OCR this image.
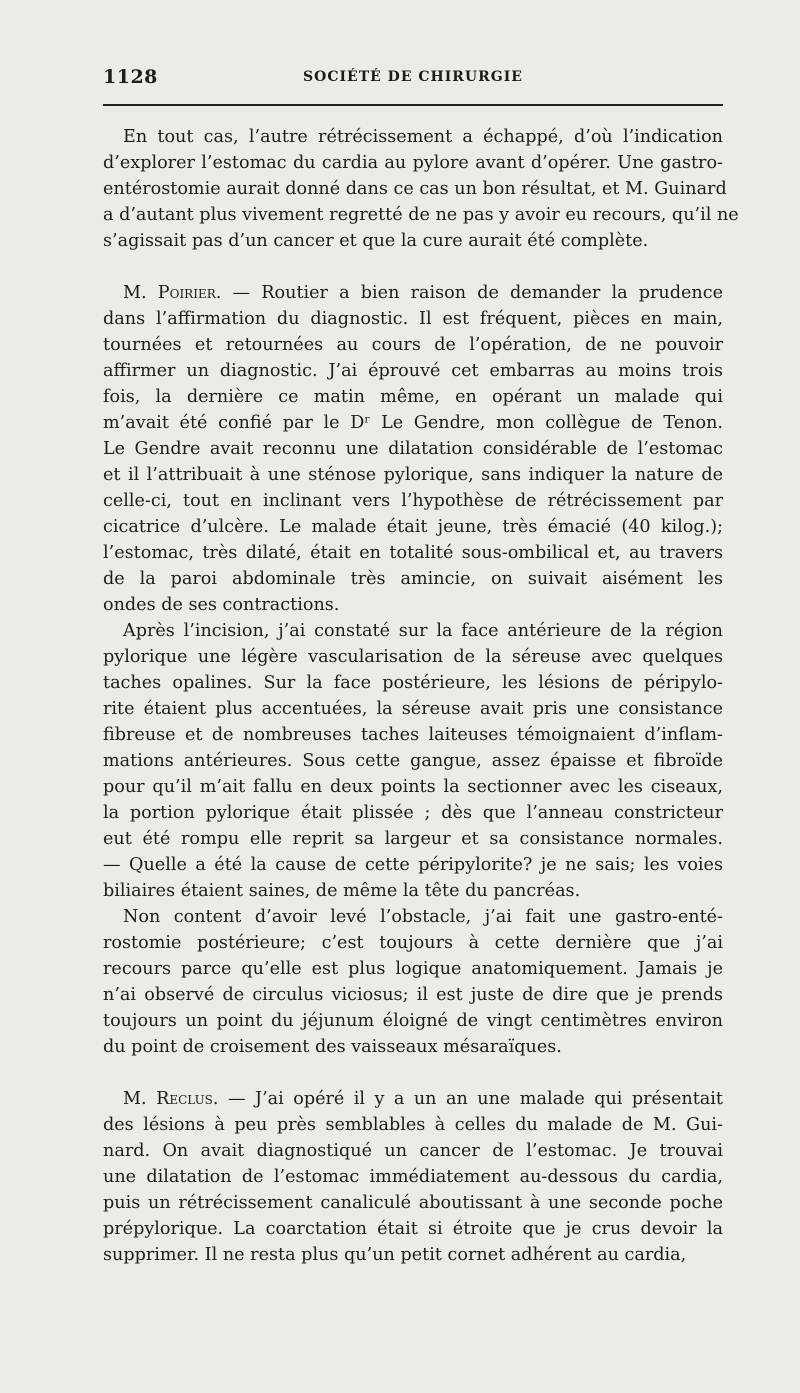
1128	SOCIÉTÉ DE CHIRURGIE
En tout cas, l’autre rétrécissement a échappé, d’où l’indication
d’explorer l’estomac du cardia au pylore avant d’opérer. Une gastro-
entérostomie aurait donné dans ce cas un bon résultat, et M. Guinard
a d’autant plus vivement regretté de ne pas y avoir eu recours, qu’il ne
s’agissait pas d’un cancer et que la cure aurait été complète.
M. Poirier. — Routier a bien raison de demander la prudence
dans l’affirmation du diagnostic. Il est fréquent, pièces en main,
tournées et retournées au cours de l’opération, de ne pouvoir
affirmer un diagnostic. J’ai éprouvé cet embarras au moins trois
fois, la dernière ce matin même, en opérant un malade qui
m’avait été confié par le Dʳ Le Gendre, mon collègue de Tenon.
Le Gendre avait reconnu une dilatation considérable de l’estomac
et il l’attribuait à une sténose pylorique, sans indiquer la nature de
celle-ci, tout en inclinant vers l’hypothèse de rétrécissement par
cicatrice d’ulcère. Le malade était jeune, très émacié (40 kilog.);
l’estomac, très dilaté, était en totalité sous-ombilical et, au travers
de la paroi abdominale très amincie, on suivait aisément les
ondes de ses contractions.
Après l’incision, j’ai constaté sur la face antérieure de la région
pylorique une légère vascularisation de la séreuse avec quelques
taches opalines. Sur la face postérieure, les lésions de péripylo-
rite étaient plus accentuées, la séreuse avait pris une consistance
fibreuse et de nombreuses taches laiteuses témoignaient d’inflam-
mations antérieures. Sous cette gangue, assez épaisse et fibroïde
pour qu’il m’ait fallu en deux points la sectionner avec les ciseaux,
la portion pylorique était plissée ; dès que l’anneau constricteur
eut été rompu elle reprit sa largeur et sa consistance normales.
— Quelle a été la cause de cette péripylorite? je ne sais; les voies
biliaires étaient saines, de même la tête du pancréas.
Non content d’avoir levé l’obstacle, j’ai fait une gastro-enté-
rostomie postérieure; c’est toujours à cette dernière que j’ai
recours parce qu’elle est plus logique anatomiquement. Jamais je
n’ai observé de circulus viciosus; il est juste de dire que je prends
toujours un point du jéjunum éloigné de vingt centimètres environ
du point de croisement des vaisseaux mésaraïques.
M. Reclus. — J’ai opéré il y a un an une malade qui présentait
des lésions à peu près semblables à celles du malade de M. Gui-
nard. On avait diagnostiqué un cancer de l’estomac. Je trouvai
une dilatation de l’estomac immédiatement au-dessous du cardia,
puis un rétrécissement canaliculé aboutissant à une seconde poche
prépylorique. La coarctation était si étroite que je crus devoir la
supprimer. Il ne resta plus qu’un petit cornet adhérent au cardia,
